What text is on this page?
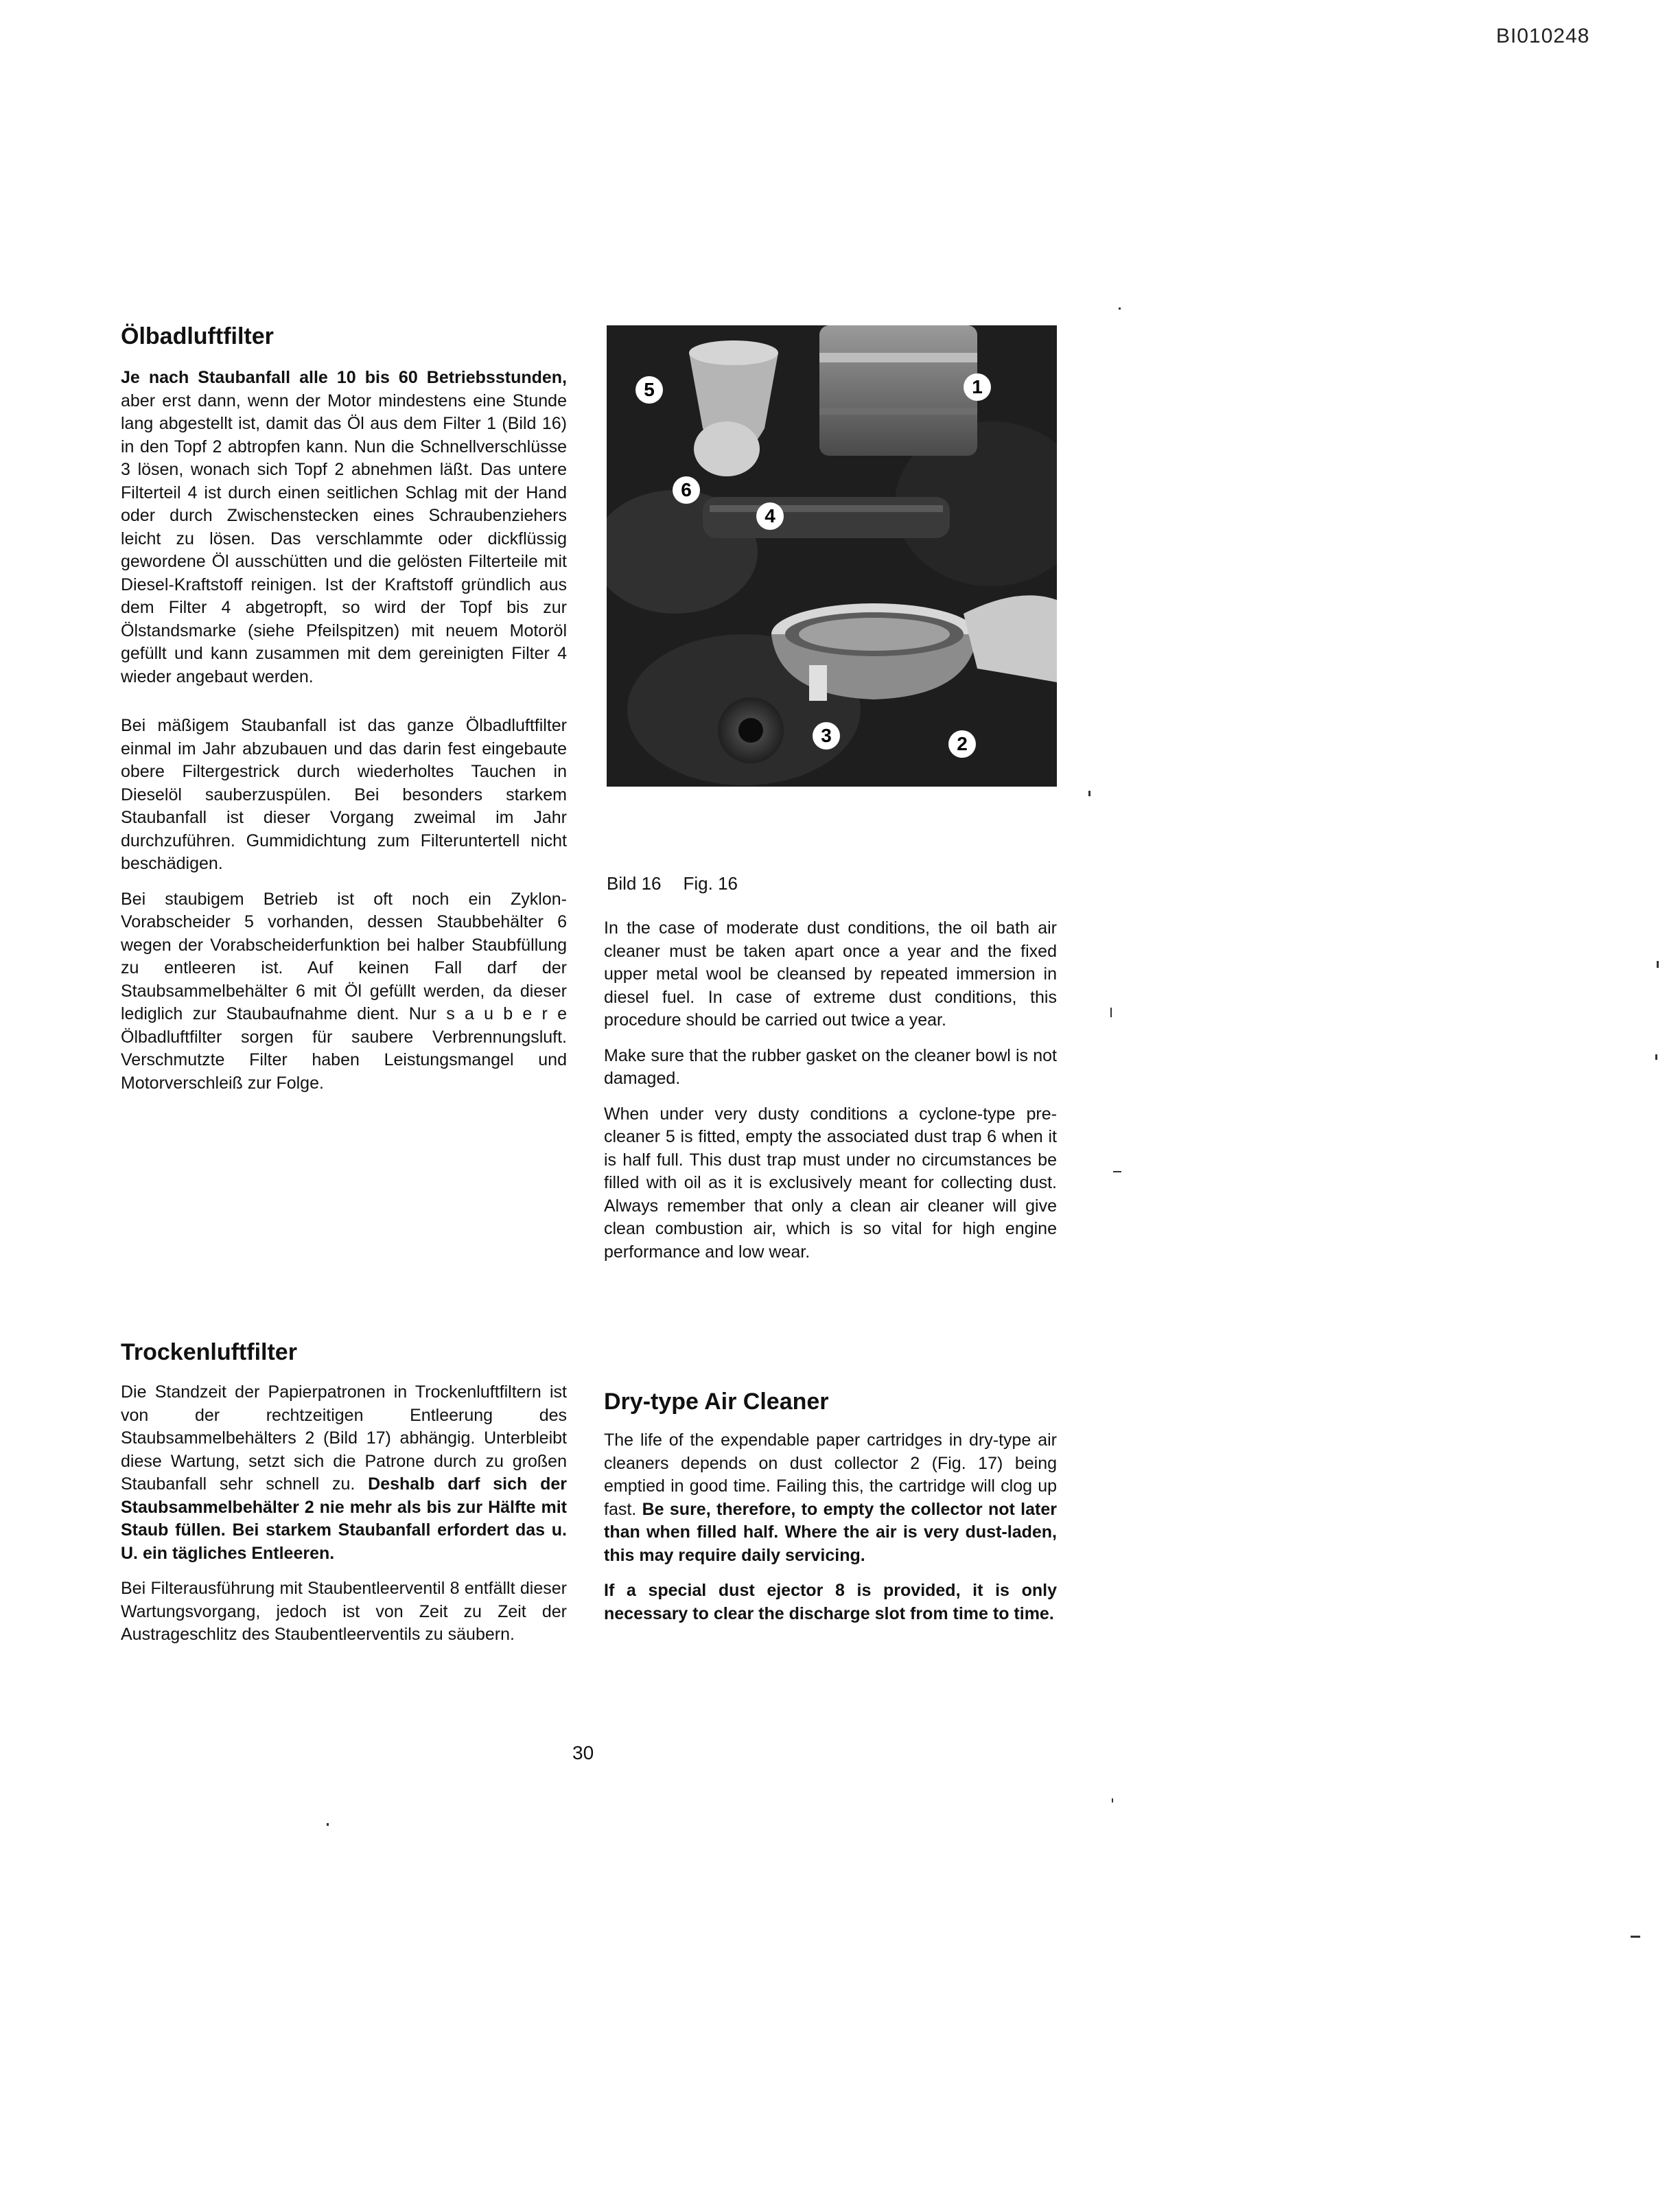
BI010248
Ölbadluftfilter

Je nach Staubanfall alle 10 bis 60 Betriebsstunden, aber erst dann, wenn der Motor mindestens eine Stunde lang abgestellt ist, damit das Öl aus dem Filter 1 (Bild 16) in den Topf 2 abtropfen kann. Nun die Schnellverschlüsse 3 lösen, wonach sich Topf 2 abnehmen läßt. Das untere Filterteil 4 ist durch einen seitlichen Schlag mit der Hand oder durch Zwischenstecken eines Schraubenziehers leicht zu lösen. Das verschlammte oder dickflüssig gewordene Öl ausschütten und die gelösten Filterteile mit Diesel-Kraftstoff reinigen. Ist der Kraftstoff gründlich aus dem Filter 4 abgetropft, so wird der Topf bis zur Ölstandsmarke (siehe Pfeilspitzen) mit neuem Motoröl gefüllt und kann zusammen mit dem gereinigten Filter 4 wieder angebaut werden.

Bei mäßigem Staubanfall ist das ganze Ölbadluftfilter einmal im Jahr abzubauen und das darin fest eingebaute obere Filtergestrick durch wiederholtes Tauchen in Dieselöl sauberzuspülen. Bei besonders starkem Staubanfall ist dieser Vorgang zweimal im Jahr durchzuführen. Gummidichtung zum Filteruntertell nicht beschädigen.

Bei staubigem Betrieb ist oft noch ein Zyklon-Vorabscheider 5 vorhanden, dessen Staubbehälter 6 wegen der Vorabscheiderfunktion bei halber Staubfüllung zu entleeren ist. Auf keinen Fall darf der Staubsammelbehälter 6 mit Öl gefüllt werden, da dieser lediglich zur Staubaufnahme dient. Nur s a u b e r e Ölbadluftfilter sorgen für saubere Verbrennungsluft. Verschmutzte Filter haben Leistungsmangel und Motorverschleiß zur Folge.

Trockenluftfilter

Die Standzeit der Papierpatronen in Trockenluftfiltern ist von der rechtzeitigen Entleerung des Staubsammelbehälters 2 (Bild 17) abhängig. Unterbleibt diese Wartung, setzt sich die Patrone durch zu großen Staubanfall sehr schnell zu. Deshalb darf sich der Staubsammelbehälter 2 nie mehr als bis zur Hälfte mit Staub füllen. Bei starkem Staubanfall erfordert das u. U. ein tägliches Entleeren.

Bei Filterausführung mit Staubentleerventil 8 entfällt dieser Wartungsvorgang, jedoch ist von Zeit zu Zeit der Austrageschlitz des Staubentleerventils zu säubern.

1
2
3
4
5
6
Bild 16 Fig. 16

In the case of moderate dust conditions, the oil bath air cleaner must be taken apart once a year and the fixed upper metal wool be cleansed by repeated immersion in diesel fuel. In case of extreme dust conditions, this procedure should be carried out twice a year.

Make sure that the rubber gasket on the cleaner bowl is not damaged.

When under very dusty conditions a cyclone-type pre-cleaner 5 is fitted, empty the associated dust trap 6 when it is half full. This dust trap must under no circumstances be filled with oil as it is exclusively meant for collecting dust. Always remember that only a clean air cleaner will give clean combustion air, which is so vital for high engine performance and low wear.

Dry-type Air Cleaner

The life of the expendable paper cartridges in dry-type air cleaners depends on dust collector 2 (Fig. 17) being emptied in good time. Failing this, the cartridge will clog up fast. Be sure, therefore, to empty the collector not later than when filled half. Where the air is very dust-laden, this may require daily servicing.

If a special dust ejector 8 is provided, it is only necessary to clear the discharge slot from time to time.

30
